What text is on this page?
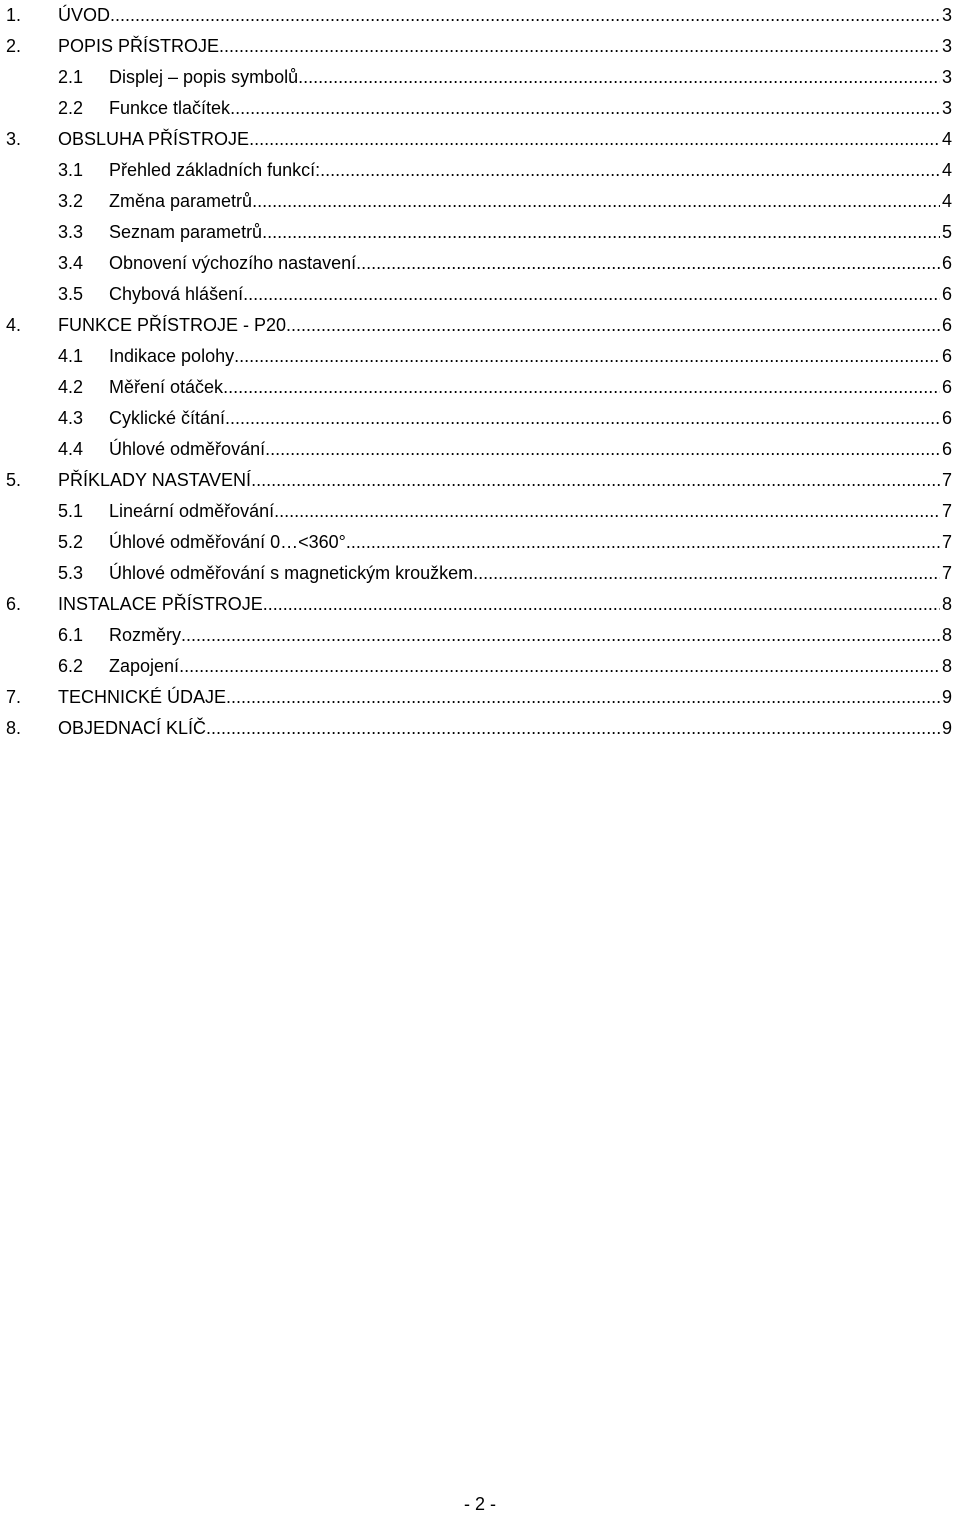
1. ÚVOD .....	3
2. POPIS PŘÍSTROJE .....	3
2.1 Displej – popis symbolů .....	3
2.2 Funkce tlačítek .....	3
3. OBSLUHA PŘÍSTROJE .....	4
3.1 Přehled základních funkcí: .....	4
3.2 Změna parametrů .....	4
3.3 Seznam parametrů .....	5
3.4 Obnovení výchozího nastavení .....	6
3.5 Chybová hlášení .....	6
4. FUNKCE PŘÍSTROJE - P20 .....	6
4.1 Indikace polohy .....	6
4.2 Měření otáček .....	6
4.3 Cyklické čítání .....	6
4.4 Úhlové odměřování .....	6
5. PŘÍKLADY NASTAVENÍ .....	7
5.1 Lineární odměřování .....	7
5.2 Úhlové odměřování 0…<360° .....	7
5.3 Úhlové odměřování s magnetickým kroužkem .....	7
6. INSTALACE PŘÍSTROJE .....	8
6.1 Rozměry .....	8
6.2 Zapojení .....	8
7. TECHNICKÉ ÚDAJE .....	9
8. OBJEDNACÍ KLÍČ .....	9
- 2 -
